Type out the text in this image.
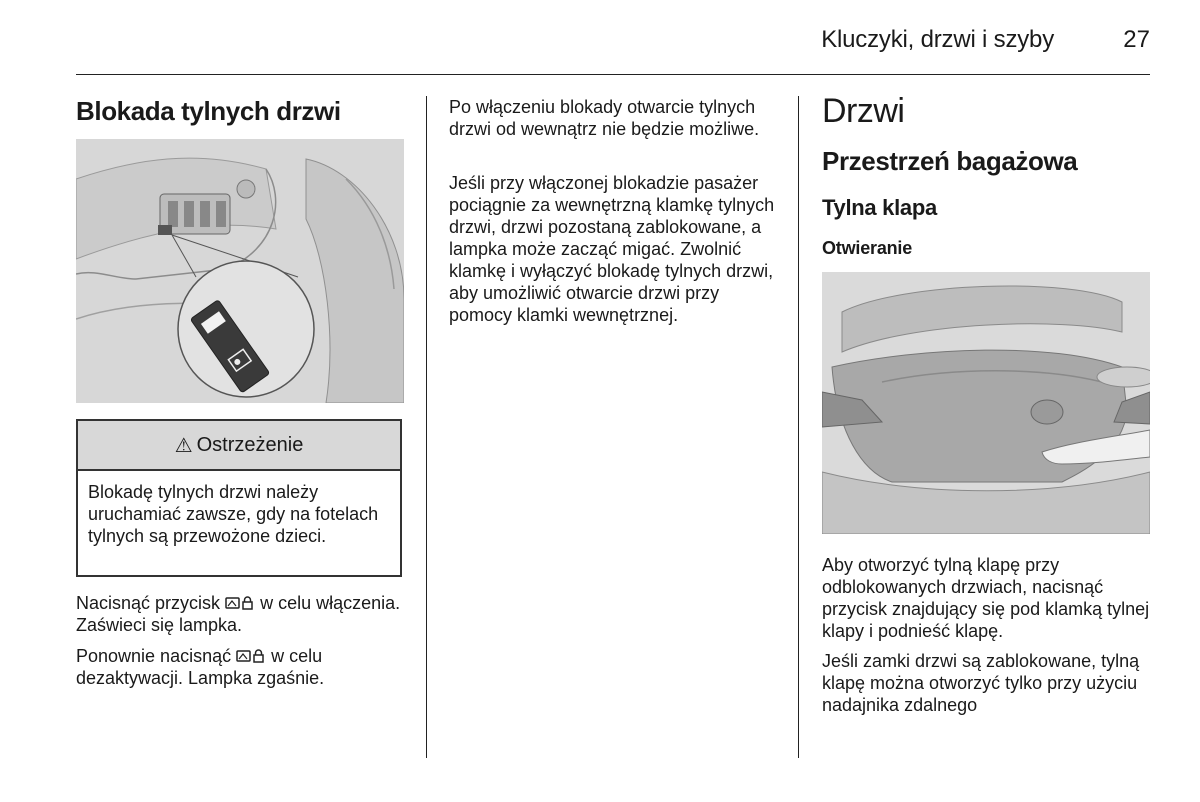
Kluczyki, drzwi i szyby	27
Blokada tylnych drzwi
⚠ Ostrzeżenie
Blokadę tylnych drzwi należy uruchamiać zawsze, gdy na fotelach tylnych są przewożone dzieci.
Nacisnąć przycisk w celu włączenia. Zaświeci się lampka.
Ponownie nacisnąć w celu dezaktywacji. Lampka zgaśnie.
Po włączeniu blokady otwarcie tylnych drzwi od wewnątrz nie będzie możliwe.
Jeśli przy włączonej blokadzie pasażer pociągnie za wewnętrzną klamkę tylnych drzwi, drzwi pozostaną zablokowane, a lampka może zacząć migać. Zwolnić klamkę i wyłączyć blokadę tylnych drzwi, aby umożliwić otwarcie drzwi przy pomocy klamki wewnętrznej.
Drzwi
Przestrzeń bagażowa
Tylna klapa
Otwieranie
Aby otworzyć tylną klapę przy odblokowanych drzwiach, nacisnąć przycisk znajdujący się pod klamką tylnej klapy i podnieść klapę.
Jeśli zamki drzwi są zablokowane, tylną klapę można otworzyć tylko przy użyciu nadajnika zdalnego
